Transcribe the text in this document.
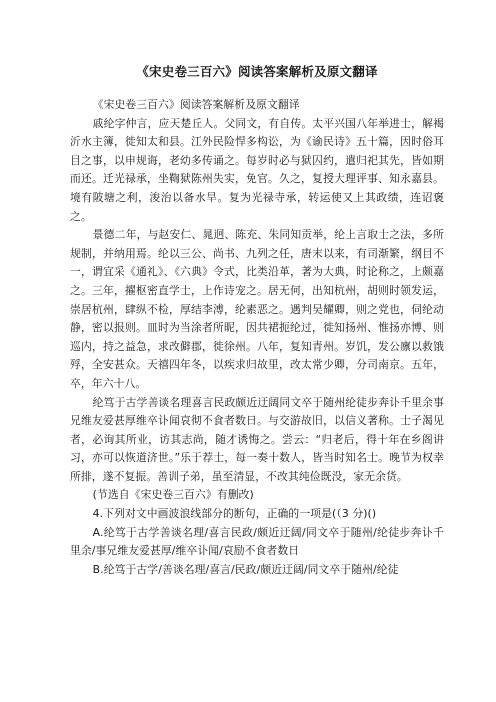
《宋史卷三百六》阅读答案解析及原文翻译

《宋史卷三百六》阅读答案解析及原文翻译

戚纶字仲言，应天楚丘人。父同文，有自传。太平兴国八年举进士，解褐沂水主簿，徙知太和县。江外民险悍多构讼，为《谕民诗》五十篇，因时俗耳目之事，以申规诲，老幼多传诵之。每岁时必与狱囚约，遣归祀其先，皆如期而还。迁光禄承，坐鞫狱陈州失实，免官。久之，复授大理评事、知永嘉县。境有陂塘之利，浚治以备水旱。复为光禄寺承，转运使又上其政绩，连诏褒之。

景德二年，与赵安仁、晁迥、陈充、朱同知贡举，纶上言取士之法，多所规制，并纳用焉。纶以三公、尚书、九列之任，唐末以来，有司渐繁，纲目不一，谓宜采《通礼》、《六典》令式，比类沿革，著为大典，时论称之，上颇嘉之。三年，擢枢密直学士，上作诗宠之。居无何，出知杭州，胡则时领发运，崇居杭州，肆纵不检，厚结李溥，纶素恶之。遇判吴耀卿，则之党也，伺纶动静，密以报则。皿时为当涂者所昵，因共裙扼纶过，徙知扬州、惟扬亦博、则巡内，持之益急，求改僻郡，徙徐州。八年，复知青州。岁饥，发公廪以救饿殍，全安甚众。天禧四年冬，以疾求归故里，改太常少卿，分司南京。五年，卒，年六十八。

纶笃于古学善谈名理喜言民政颇近迂阔同文卒于随州纶徒步奔讣千里余事兄维友爱甚厚维卒讣闻哀彻不食者数日。与交游故旧，以信义著称。士子渴见者，必询其所业，访其志尚，随才诱悔之。尝云：“归老后，得十年在乡阁讲习，亦可以恢道济世。”乐于荐士，每一奏十数人，皆当时知名士。晚节为权幸所排，遂不复振。善训子弟，虽至清显，不改其纯俭既没，家无余货。

(节选自《宋史卷三百六》有删改)

4.下列对文中画波浪线部分的断句，正确的一项是(（3 分)()

A.纶笃于古学善谈名理/喜言民政/颇近迂阔/同文卒于随州/纶徒步奔讣千里余/事兄维友爱甚厚/维卒讣闻/哀励不食者数日

B.纶笃于古学/善谈名理/喜言/民政/颇近迂阔/同文卒于随州/纶徒
